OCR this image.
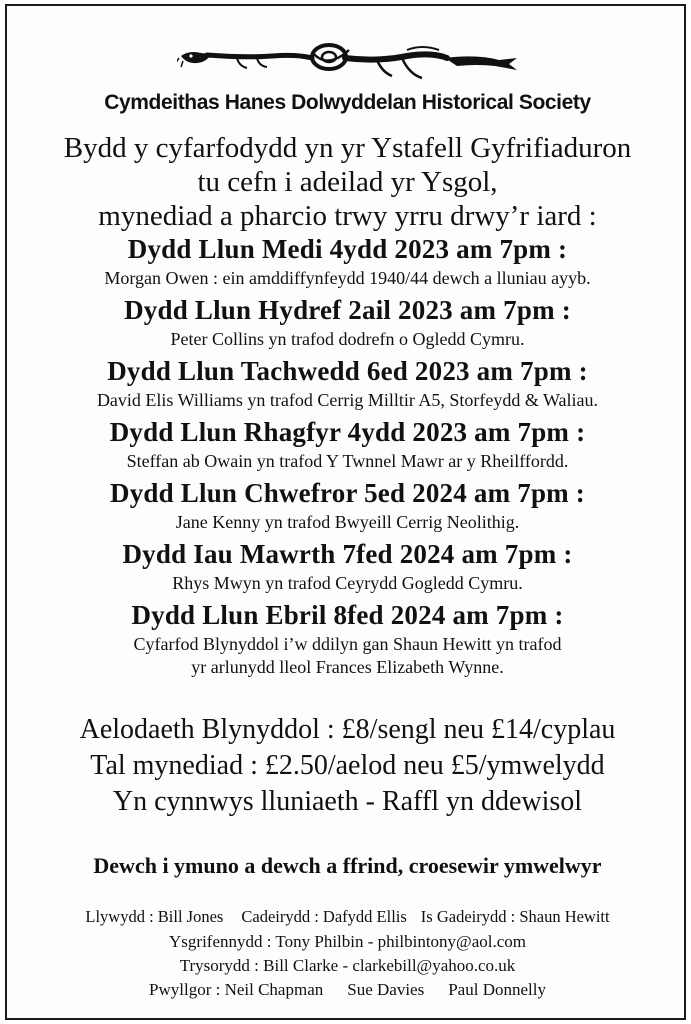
Cymdeithas Hanes Dolwyddelan Historical Society

Bydd y cyfarfodydd yn yr Ystafell Gyfrifiaduron

tu cefn i adeilad yr Ysgol,

mynediad a pharcio trwy yrru drwy’r iard :

Dydd Llun Medi 4ydd 2023 am 7pm :

Morgan Owen : ein amddiffynfeydd 1940/44 dewch a lluniau ayyb.

Dydd Llun Hydref 2ail 2023 am 7pm :

Peter Collins yn trafod dodrefn o Ogledd Cymru.

Dydd Llun Tachwedd 6ed 2023 am 7pm :

David Elis Williams yn trafod Cerrig Milltir A5, Storfeydd & Waliau.

Dydd Llun Rhagfyr 4ydd 2023 am 7pm :

Steffan ab Owain yn trafod Y Twnnel Mawr ar y Rheilffordd.

Dydd Llun Chwefror 5ed 2024 am 7pm :

Jane Kenny yn trafod Bwyeill Cerrig Neolithig.

Dydd Iau Mawrth 7fed 2024 am 7pm :

Rhys Mwyn yn trafod Ceyrydd Gogledd Cymru.

Dydd Llun Ebril 8fed 2024 am 7pm :

Cyfarfod Blynyddol i’w ddilyn gan Shaun Hewitt yn trafod

yr arlunydd lleol Frances Elizabeth Wynne.

Aelodaeth Blynyddol : £8/sengl neu £14/cyplau

Tal mynediad : £2.50/aelod neu £5/ymwelydd

Yn cynnwys lluniaeth - Raffl yn ddewisol

Dewch i ymuno a dewch a ffrind, croesewir ymwelwyr

Llywydd : Bill Jones Cadeirydd : Dafydd Ellis Is Gadeirydd : Shaun Hewitt

Ysgrifennydd : Tony Philbin - philbintony@aol.com

Trysorydd : Bill Clarke - clarkebill@yahoo.co.uk

Pwyllgor : Neil Chapman Sue Davies Paul Donnelly
